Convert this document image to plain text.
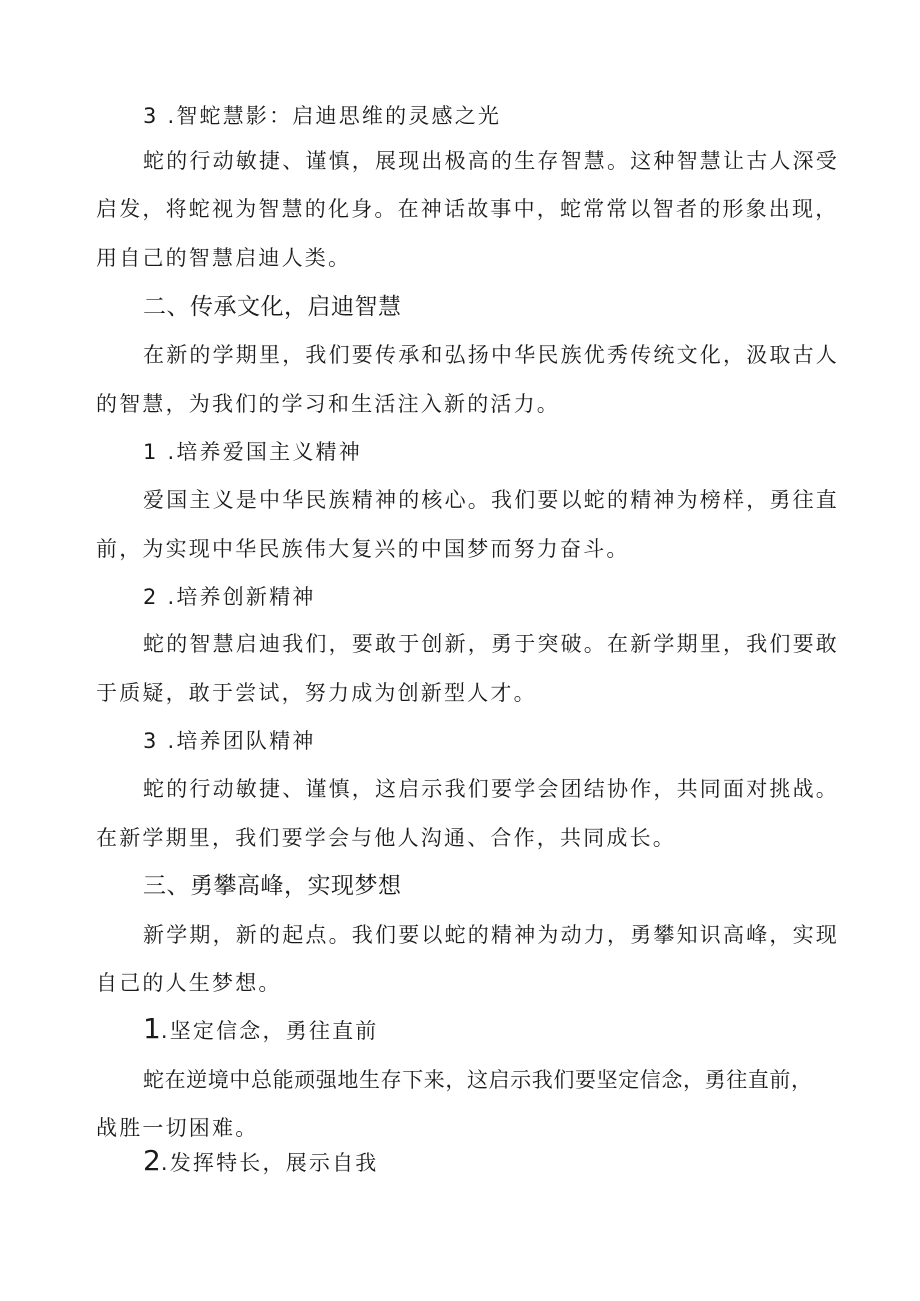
3 .智蛇慧影：启迪思维的灵感之光
蛇的行动敏捷、谨慎，展现出极高的生存智慧。这种智慧让古人深受
启发，将蛇视为智慧的化身。在神话故事中，蛇常常以智者的形象出现，
用自己的智慧启迪人类。
二、传承文化，启迪智慧
在新的学期里，我们要传承和弘扬中华民族优秀传统文化，汲取古人
的智慧，为我们的学习和生活注入新的活力。
1 .培养爱国主义精神
爱国主义是中华民族精神的核心。我们要以蛇的精神为榜样，勇往直
前，为实现中华民族伟大复兴的中国梦而努力奋斗。
2 .培养创新精神
蛇的智慧启迪我们，要敢于创新，勇于突破。在新学期里，我们要敢
于质疑，敢于尝试，努力成为创新型人才。
3 .培养团队精神
蛇的行动敏捷、谨慎，这启示我们要学会团结协作，共同面对挑战。
在新学期里，我们要学会与他人沟通、合作，共同成长。
三、勇攀高峰，实现梦想
新学期，新的起点。我们要以蛇的精神为动力，勇攀知识高峰，实现
自己的人生梦想。
1.坚定信念，勇往直前
蛇在逆境中总能顽强地生存下来，这启示我们要坚定信念，勇往直前，
战胜一切困难。
2.发挥特长，展示自我
